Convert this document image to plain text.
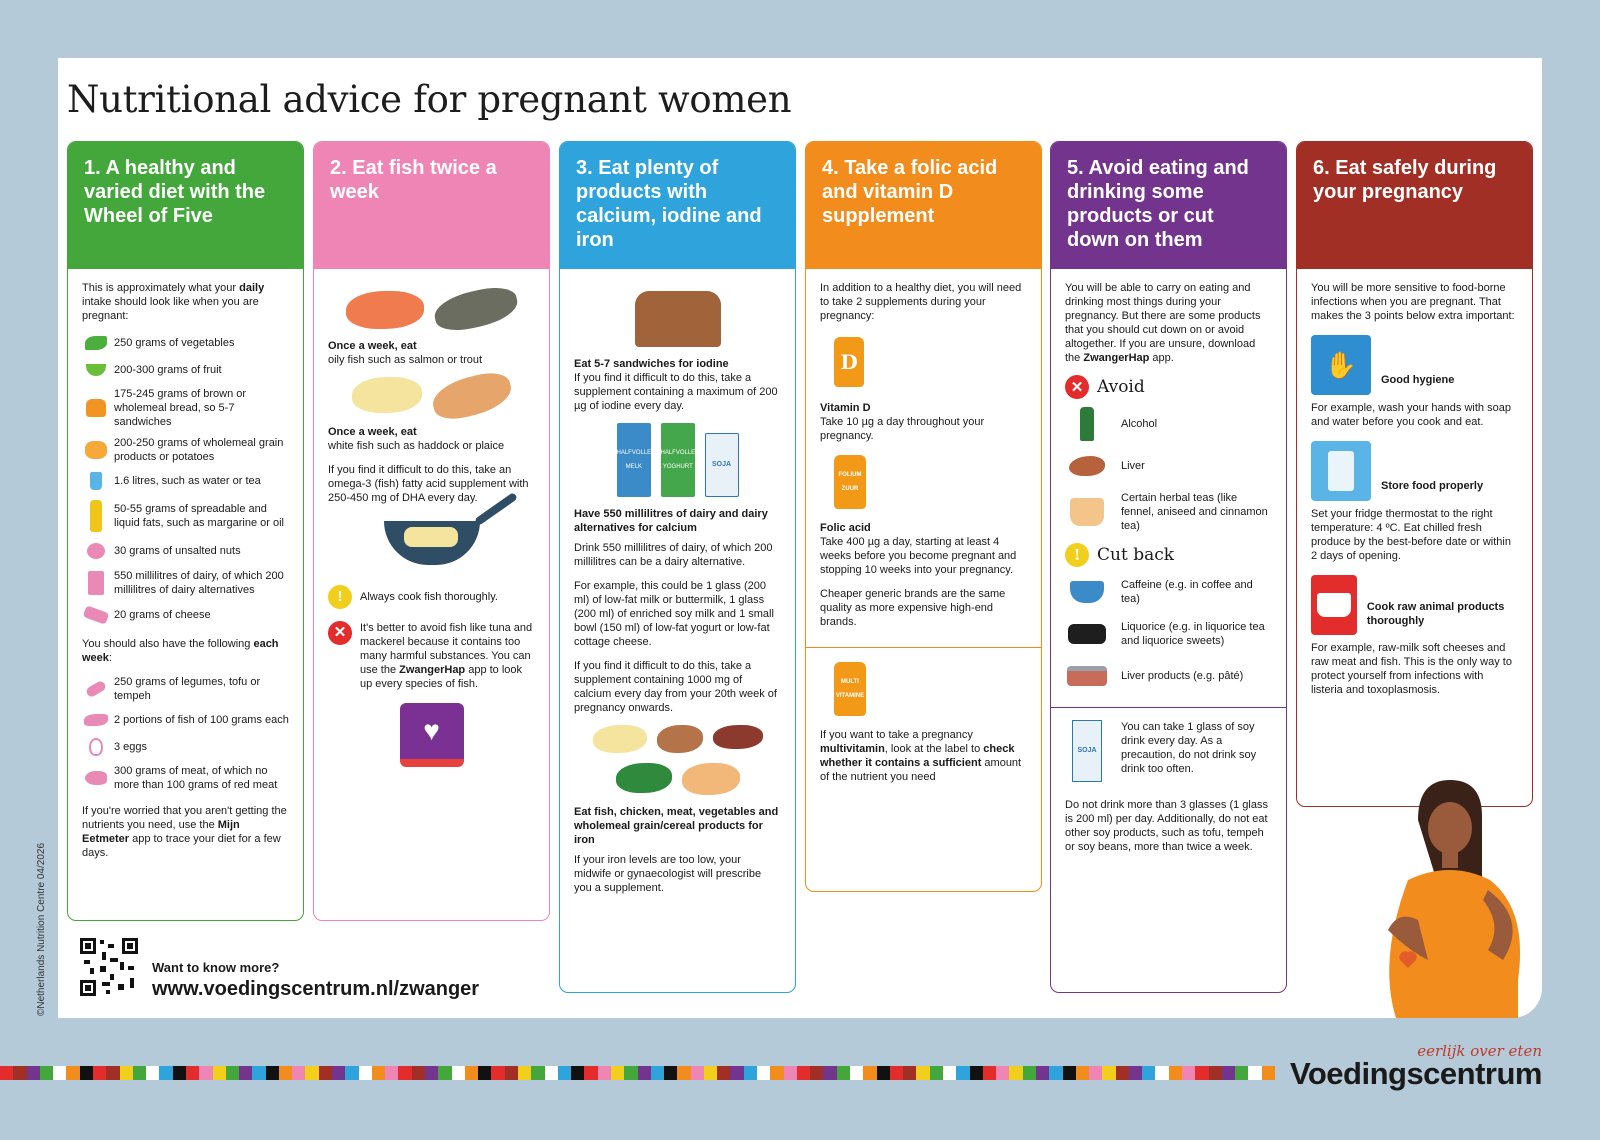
©Netherlands Nutrition Centre 04/2026
Nutritional advice for pregnant women
1. A healthy and varied diet with the Wheel of Five
This is approximately what your daily intake should look like when you are pregnant:
250 grams of vegetables
200-300 grams of fruit
175-245 grams of brown or wholemeal bread, so 5-7 sandwiches
200-250 grams of wholemeal grain products or potatoes
1.6 litres, such as water or tea
50-55 grams of spreadable and liquid fats, such as margarine or oil
30 grams of unsalted nuts
550 millilitres of dairy, of which 200 millilitres of dairy alternatives
20 grams of cheese
You should also have the following each week:
250 grams of legumes, tofu or tempeh
2 portions of fish of 100 grams each
3 eggs
300 grams of meat, of which no more than 100 grams of red meat
If you're worried that you aren't getting the nutrients you need, use the Mijn Eetmeter app to trace your diet for a few days.
2. Eat fish twice a week
Once a week, eat
oily fish such as salmon or trout
Once a week, eat
white fish such as haddock or plaice
If you find it difficult to do this, take an omega-3 (fish) fatty acid supplement with 250-450 mg of DHA every day.
!	Always cook fish thoroughly.
✕	It's better to avoid fish like tuna and mackerel because it contains too many harmful substances. You can use the ZwangerHap app to look up every species of fish.
♥
3. Eat plenty of products with calcium, iodine and iron
Eat 5-7 sandwiches for iodine
If you find it difficult to do this, take a supplement containing a maximum of 200 µg of iodine every day.
HALFVOLLE MELK
HALFVOLLE YOGHURT	SOJA
Have 550 millilitres of dairy and dairy alternatives for calcium
Drink 550 millilitres of dairy, of which 200 millilitres can be a dairy alternative.
For example, this could be 1 glass (200 ml) of low-fat milk or buttermilk, 1 glass (200 ml) of enriched soy milk and 1 small bowl (150 ml) of low-fat yogurt or low-fat cottage cheese.
If you find it difficult to do this, take a supplement containing 1000 mg of calcium every day from your 20th week of pregnancy onwards.
Eat fish, chicken, meat, vegetables and wholemeal grain/cereal products for iron
If your iron levels are too low, your midwife or gynaecologist will prescribe you a supplement.
4. Take a folic acid and vitamin D supplement
In addition to a healthy diet, you will need to take 2 supplements during your pregnancy:
D
Vitamin D
Take 10 µg a day throughout your pregnancy.
FOLIUM ZUUR
Folic acid
Take 400 µg a day, starting at least 4 weeks before you become pregnant and stopping 10 weeks into your pregnancy.
Cheaper generic brands are the same quality as more expensive high-end brands.
MULTI VITAMINE
If you want to take a pregnancy multivitamin, look at the label to check whether it contains a sufficient amount of the nutrient you need
5. Avoid eating and drinking some products or cut down on them
You will be able to carry on eating and drinking most things during your pregnancy. But there are some products that you should cut down on or avoid altogether. If you are unsure, download the ZwangerHap app.
✕ Avoid
Alcohol
Liver
Certain herbal teas (like fennel, aniseed and cinnamon tea)
! Cut back
Caffeine (e.g. in coffee and tea)
Liquorice (e.g. in liquorice tea and liquorice sweets)
Liver products (e.g. pâté)
SOJA
You can take 1 glass of soy drink every day. As a precaution, do not drink soy drink too often.
Do not drink more than 3 glasses (1 glass is 200 ml) per day. Additionally, do not eat other soy products, such as tofu, tempeh or soy beans, more than twice a week.
6. Eat safely during your pregnancy
You will be more sensitive to food-borne infections when you are pregnant. That makes the 3 points below extra important:
✋	Good hygiene
For example, wash your hands with soap and water before you cook and eat.
Store food properly
Set your fridge thermostat to the right temperature: 4 ºC. Eat chilled fresh produce by the best-before date or within 2 days of opening.
Cook raw animal products thoroughly
For example, raw-milk soft cheeses and raw meat and fish. This is the only way to protect yourself from infections with listeria and toxoplasmosis.
Want to know more?
www.voedingscentrum.nl/zwanger
eerlijk over eten
Voedingscentrum
